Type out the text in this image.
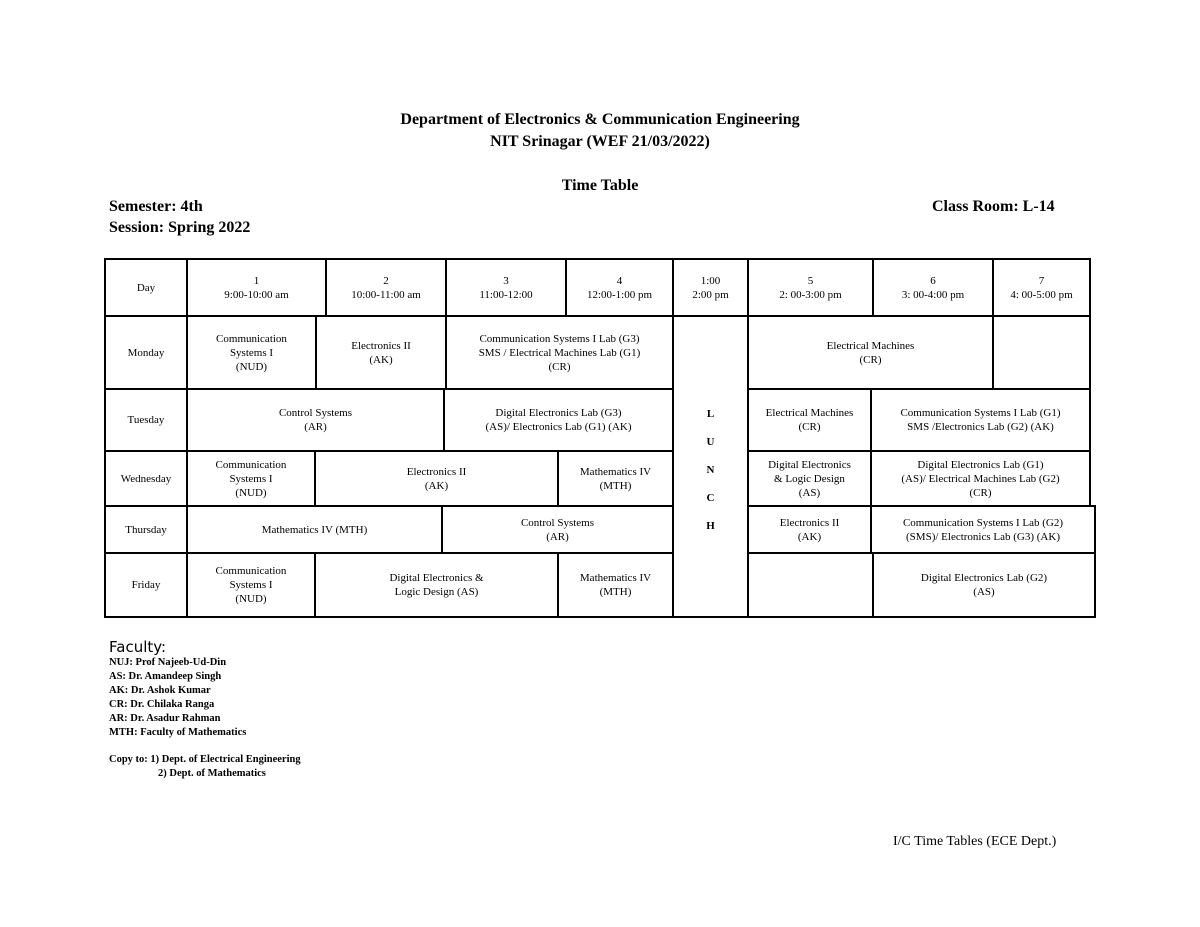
Department of Electronics & Communication Engineering
NIT Srinagar (WEF 21/03/2022)
Time Table
Semester: 4th
Session: Spring 2022
Class Room: L-14
Day
1
9:00-10:00 am
2
10:00-11:00 am
3
11:00-12:00
4
12:00-1:00 pm
1:00
2:00 pm
5
2: 00-3:00 pm
6
3: 00-4:00 pm
7
4: 00-5:00 pm
L
U
N
C
H
Monday
Communication
Systems I
(NUD)
Electronics II
(AK)
Communication Systems I Lab (G3)
SMS / Electrical Machines Lab (G1)
(CR)
Electrical Machines
(CR)
Tuesday
Control Systems
(AR)
Digital Electronics Lab (G3)
(AS)/ Electronics Lab (G1) (AK)
Electrical Machines
(CR)
Communication Systems I Lab (G1)
SMS /Electronics Lab (G2) (AK)
Wednesday
Communication
Systems I
(NUD)
Electronics II
(AK)
Mathematics IV
(MTH)
Digital Electronics
& Logic Design
(AS)
Digital Electronics Lab (G1)
(AS)/ Electrical Machines Lab (G2)
(CR)
Thursday	Mathematics IV (MTH)
Control Systems
(AR)
Electronics II
(AK)
Communication Systems I Lab (G2)
(SMS)/ Electronics Lab (G3) (AK)
Friday
Communication
Systems I
(NUD)
Digital Electronics &
Logic Design (AS)
Mathematics IV
(MTH)
Digital Electronics Lab (G2)
(AS)
Faculty:
NUJ: Prof Najeeb-Ud-Din
AS: Dr. Amandeep Singh
AK: Dr. Ashok Kumar
CR: Dr. Chilaka Ranga
AR: Dr. Asadur Rahman
MTH: Faculty of Mathematics
Copy to: 1) Dept. of Electrical Engineering
2) Dept. of Mathematics
I/C Time Tables (ECE Dept.)
